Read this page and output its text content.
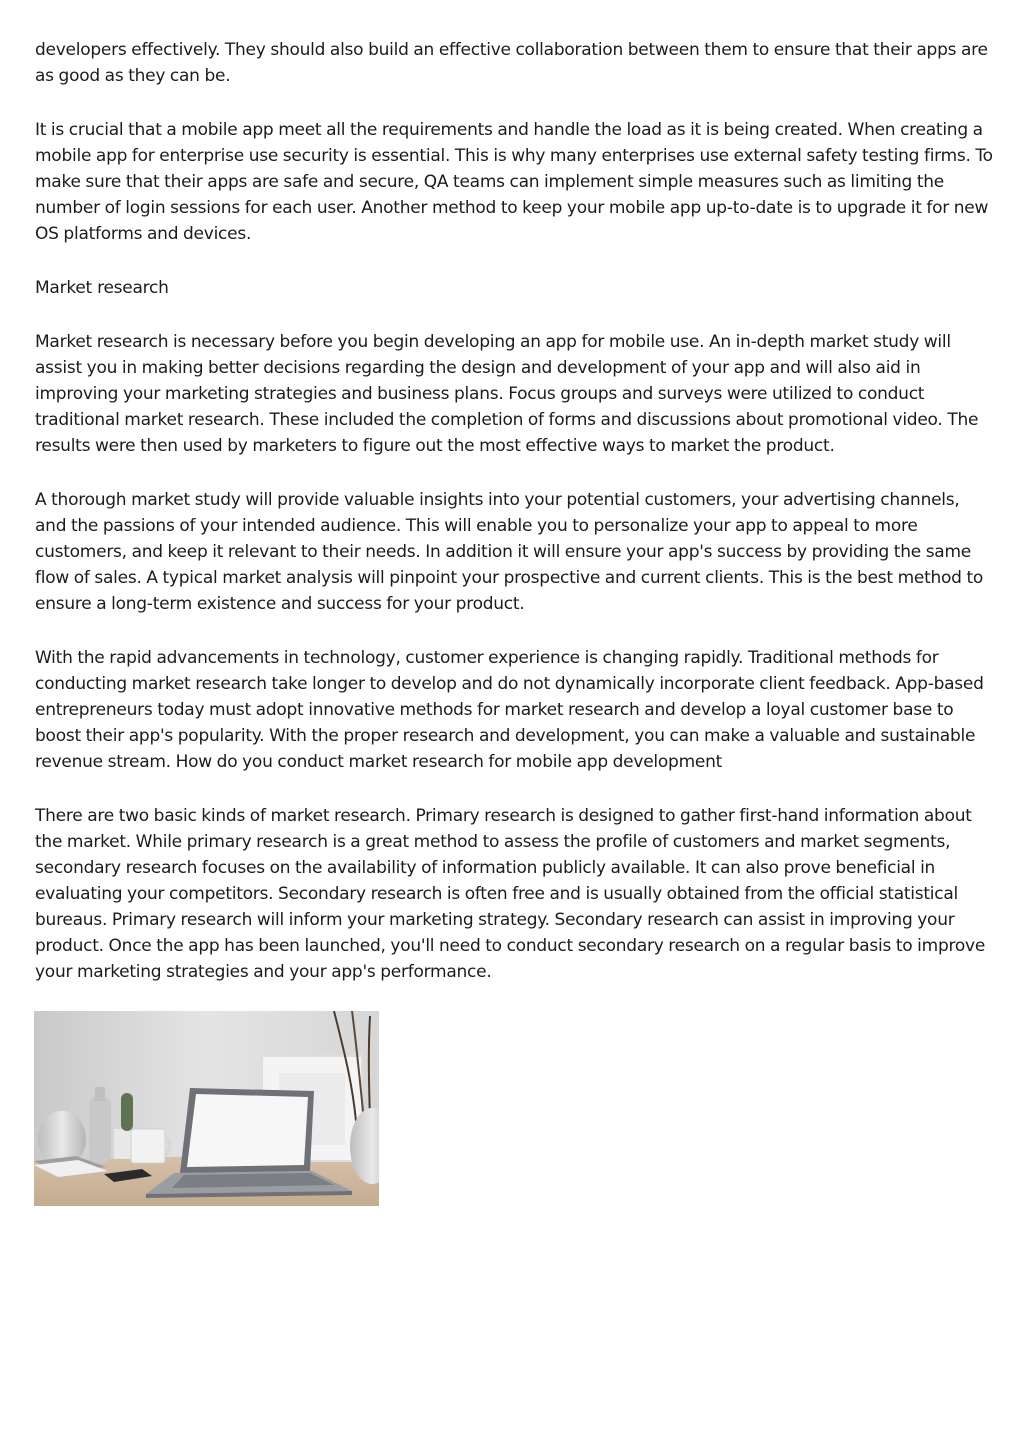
developers effectively. They should also build an effective collaboration between them to ensure that their apps are as good as they can be.

It is crucial that a mobile app meet all the requirements and handle the load as it is being created. When creating a mobile app for enterprise use security is essential. This is why many enterprises use external safety testing firms. To make sure that their apps are safe and secure, QA teams can implement simple measures such as limiting the number of login sessions for each user. Another method to keep your mobile app up-to-date is to upgrade it for new OS platforms and devices.

Market research

Market research is necessary before you begin developing an app for mobile use. An in-depth market study will assist you in making better decisions regarding the design and development of your app and will also aid in improving your marketing strategies and business plans. Focus groups and surveys were utilized to conduct traditional market research. These included the completion of forms and discussions about promotional video. The results were then used by marketers to figure out the most effective ways to market the product.

A thorough market study will provide valuable insights into your potential customers, your advertising channels, and the passions of your intended audience. This will enable you to personalize your app to appeal to more customers, and keep it relevant to their needs. In addition it will ensure your app's success by providing the same flow of sales. A typical market analysis will pinpoint your prospective and current clients. This is the best method to ensure a long-term existence and success for your product.

With the rapid advancements in technology, customer experience is changing rapidly. Traditional methods for conducting market research take longer to develop and do not dynamically incorporate client feedback. App-based entrepreneurs today must adopt innovative methods for market research and develop a loyal customer base to boost their app's popularity. With the proper research and development, you can make a valuable and sustainable revenue stream. How do you conduct market research for mobile app development

There are two basic kinds of market research. Primary research is designed to gather first-hand information about the market. While primary research is a great method to assess the profile of customers and market segments, secondary research focuses on the availability of information publicly available. It can also prove beneficial in evaluating your competitors. Secondary research is often free and is usually obtained from the official statistical bureaus. Primary research will inform your marketing strategy. Secondary research can assist in improving your product. Once the app has been launched, you'll need to conduct secondary research on a regular basis to improve your marketing strategies and your app's performance.
